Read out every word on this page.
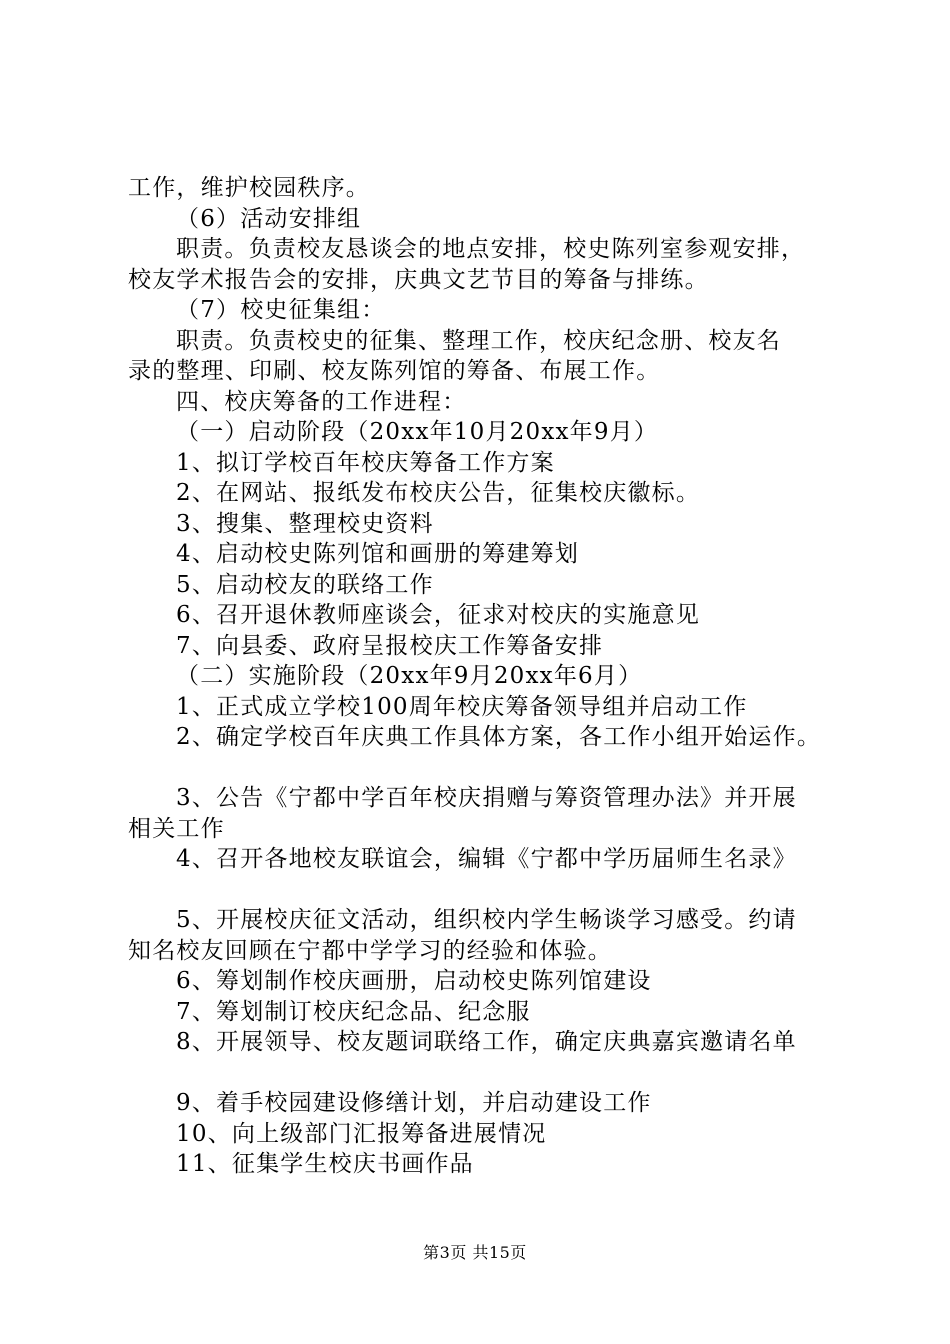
工作，维护校园秩序。
（6）活动安排组
职责。负责校友恳谈会的地点安排，校史陈列室参观安排，
校友学术报告会的安排，庆典文艺节目的筹备与排练。
（7）校史征集组：
职责。负责校史的征集、整理工作，校庆纪念册、校友名
录的整理、印刷、校友陈列馆的筹备、布展工作。
四、校庆筹备的工作进程：
（一）启动阶段（20xx年10月20xx年9月）
1、拟订学校百年校庆筹备工作方案
2、在网站、报纸发布校庆公告，征集校庆徽标。
3、搜集、整理校史资料
4、启动校史陈列馆和画册的筹建筹划
5、启动校友的联络工作
6、召开退休教师座谈会，征求对校庆的实施意见
7、向县委、政府呈报校庆工作筹备安排
（二）实施阶段（20xx年9月20xx年6月）
1、正式成立学校100周年校庆筹备领导组并启动工作
2、确定学校百年庆典工作具体方案，各工作小组开始运作。
3、公告《宁都中学百年校庆捐赠与筹资管理办法》并开展
相关工作
4、召开各地校友联谊会，编辑《宁都中学历届师生名录》
5、开展校庆征文活动，组织校内学生畅谈学习感受。约请
知名校友回顾在宁都中学学习的经验和体验。
6、筹划制作校庆画册，启动校史陈列馆建设
7、筹划制订校庆纪念品、纪念服
8、开展领导、校友题词联络工作，确定庆典嘉宾邀请名单
9、着手校园建设修缮计划，并启动建设工作
10、向上级部门汇报筹备进展情况
11、征集学生校庆书画作品
第3页 共15页
